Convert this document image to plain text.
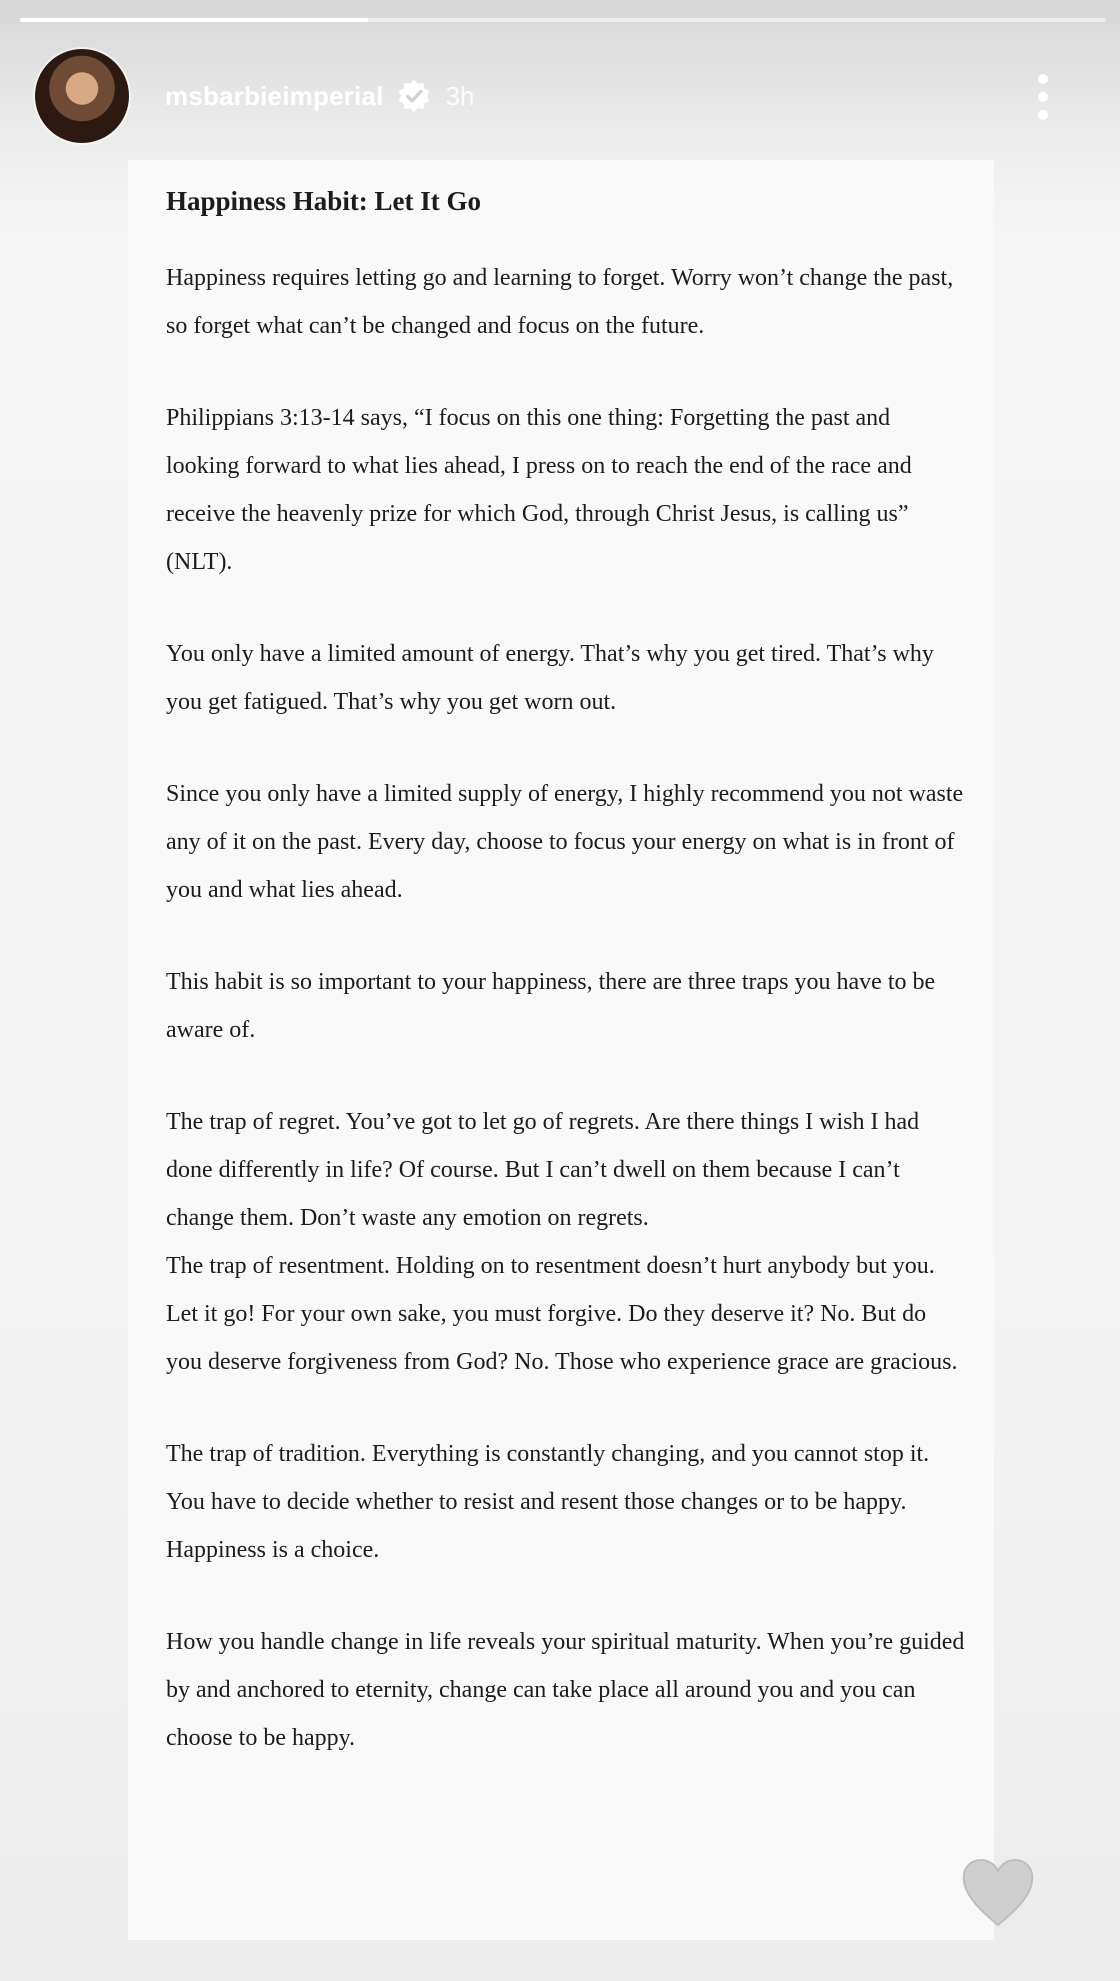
msbarbieimperial 3h
Happiness Habit: Let It Go

Happiness requires letting go and learning to forget. Worry won’t change the past, so forget what can’t be changed and focus on the future.

Philippians 3:13-14 says, “I focus on this one thing: Forgetting the past and looking forward to what lies ahead, I press on to reach the end of the race and receive the heavenly prize for which God, through Christ Jesus, is calling us” (NLT).

You only have a limited amount of energy. That’s why you get tired. That’s why you get fatigued. That’s why you get worn out.

Since you only have a limited supply of energy, I highly recommend you not waste any of it on the past. Every day, choose to focus your energy on what is in front of you and what lies ahead.

This habit is so important to your happiness, there are three traps you have to be aware of.

The trap of regret. You’ve got to let go of regrets. Are there things I wish I had done differently in life? Of course. But I can’t dwell on them because I can’t change them. Don’t waste any emotion on regrets.

The trap of resentment. Holding on to resentment doesn’t hurt anybody but you. Let it go! For your own sake, you must forgive. Do they deserve it? No. But do you deserve forgiveness from God? No. Those who experience grace are gracious.

The trap of tradition. Everything is constantly changing, and you cannot stop it. You have to decide whether to resist and resent those changes or to be happy. Happiness is a choice.

How you handle change in life reveals your spiritual maturity. When you’re guided by and anchored to eternity, change can take place all around you and you can choose to be happy.
